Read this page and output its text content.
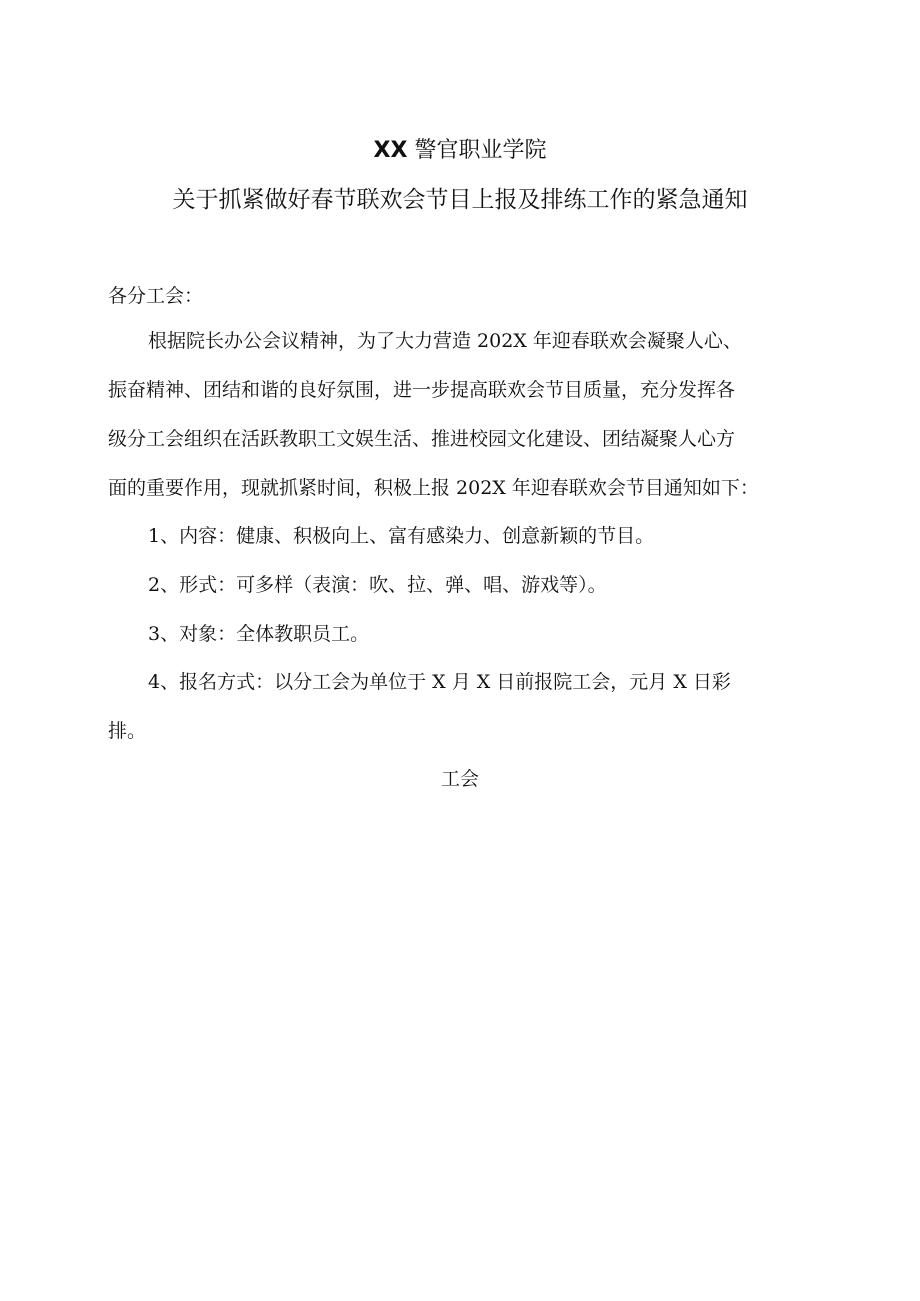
XX 警官职业学院
关于抓紧做好春节联欢会节目上报及排练工作的紧急通知
各分工会：
根据院长办公会议精神，为了大力营造 202X 年迎春联欢会凝聚人心、
振奋精神、团结和谐的良好氛围，进一步提高联欢会节目质量，充分发挥各
级分工会组织在活跃教职工文娱生活、推进校园文化建设、团结凝聚人心方
面的重要作用，现就抓紧时间，积极上报 202X 年迎春联欢会节目通知如下：
1、内容：健康、积极向上、富有感染力、创意新颖的节目。
2、形式：可多样（表演：吹、拉、弹、唱、游戏等）。
3、对象：全体教职员工。
4、报名方式：以分工会为单位于 X 月 X 日前报院工会，元月 X 日彩
排。
工会
